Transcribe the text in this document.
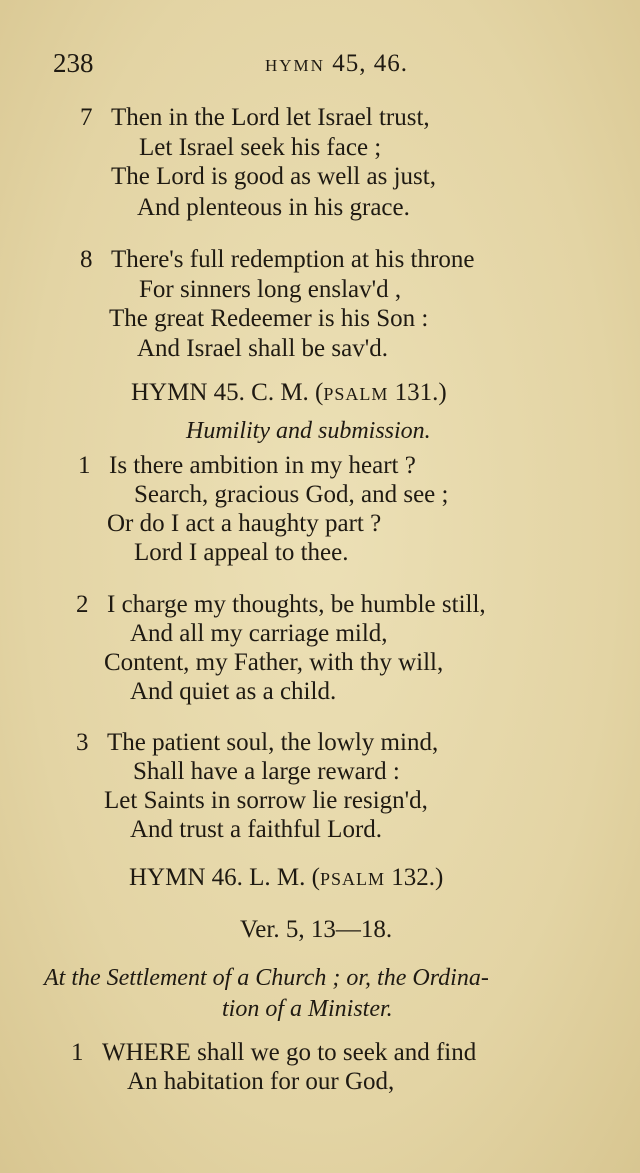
238	HYMN 45, 46.
7 Then in the Lord let Israel trust,
Let Israel seek his face ;
The Lord is good as well as just,
And plenteous in his grace.
8 There's full redemption at his throne
For sinners long enslav'd ,
The great Redeemer is his Son :
And Israel shall be sav'd.
HYMN 45. C. M. (PSALM 131.)
Humility and submission.
1 Is there ambition in my heart ?
Search, gracious God, and see ;
Or do I act a haughty part ?
Lord I appeal to thee.
2 I charge my thoughts, be humble still,
And all my carriage mild,
Content, my Father, with thy will,
And quiet as a child.
3 The patient soul, the lowly mind,
Shall have a large reward :
Let Saints in sorrow lie resign'd,
And trust a faithful Lord.
HYMN 46. L. M. (PSALM 132.)
Ver. 5, 13—18.
At the Settlement of a Church ; or, the Ordina-
tion of a Minister.
1 WHERE shall we go to seek and find
An habitation for our God,
